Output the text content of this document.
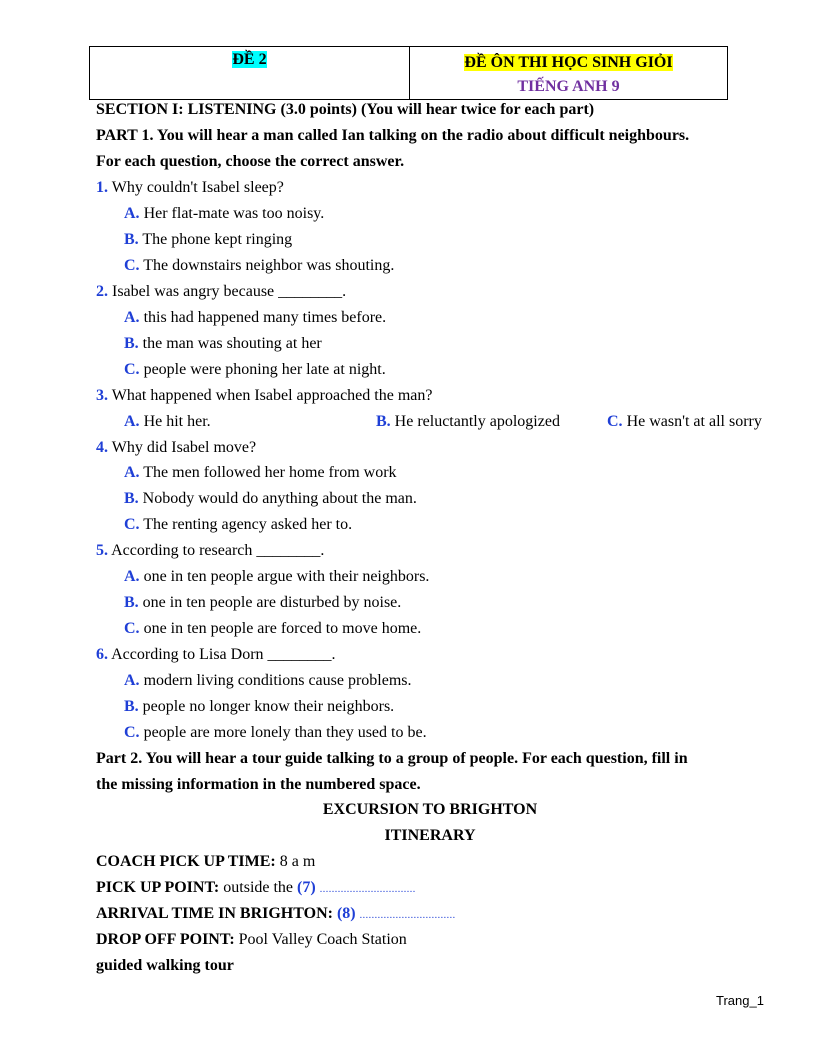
ĐỀ 2	ĐỀ ÔN THI HỌC SINH GIỎI
TIẾNG ANH 9
SECTION I: LISTENING (3.0 points) (You will hear twice for each part)
PART 1. You will hear a man called Ian talking on the radio about difficult neighbours.
For each question, choose the correct answer.
1. Why couldn't Isabel sleep?
A. Her flat-mate was too noisy.
B. The phone kept ringing
C. The downstairs neighbor was shouting.
2. Isabel was angry because ________.
A. this had happened many times before.
B. the man was shouting at her
C. people were phoning her late at night.
3. What happened when Isabel approached the man?
A. He hit her.	B. He reluctantly apologized	C. He wasn't at all sorry
4. Why did Isabel move?
A. The men followed her home from work
B. Nobody would do anything about the man.
C. The renting agency asked her to.
5. According to research ________.
A. one in ten people argue with their neighbors.
B. one in ten people are disturbed by noise.
C. one in ten people are forced to move home.
6. According to Lisa Dorn ________.
A. modern living conditions cause problems.
B. people no longer know their neighbors.
C. people are more lonely than they used to be.
Part 2. You will hear a tour guide talking to a group of people. For each question, fill in
the missing information in the numbered space.
EXCURSION TO BRIGHTON
ITINERARY
COACH PICK UP TIME: 8 a m
PICK UP POINT: outside the (7) ................................
ARRIVAL TIME IN BRIGHTON: (8) ................................
DROP OFF POINT: Pool Valley Coach Station
guided walking tour
Trang_1
